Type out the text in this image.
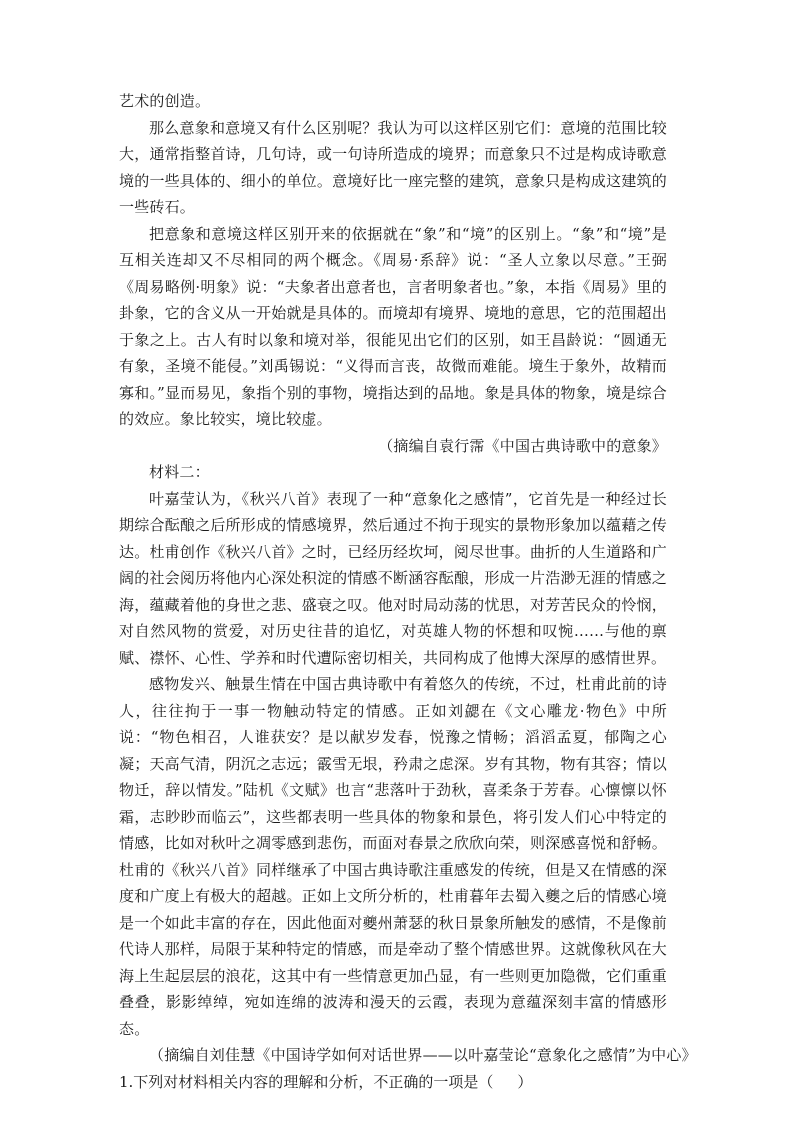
艺术的创造。

那么意象和意境又有什么区别呢？我认为可以这样区别它们：意境的范围比较大，通常指整首诗，几句诗，或一句诗所造成的境界；而意象只不过是构成诗歌意境的一些具体的、细小的单位。意境好比一座完整的建筑，意象只是构成这建筑的一些砖石。

把意象和意境这样区别开来的依据就在“象”和“境”的区别上。“象”和“境”是互相关连却又不尽相同的两个概念。《周易·系辞》说：“圣人立象以尽意。”王弼《周易略例·明象》说：“夫象者出意者也，言者明象者也。”象，本指《周易》里的卦象，它的含义从一开始就是具体的。而境却有境界、境地的意思，它的范围超出于象之上。古人有时以象和境对举，很能见出它们的区别，如王昌龄说：“圆通无有象，圣境不能侵。”刘禹锡说：“义得而言丧，故微而难能。境生于象外，故精而寡和。”显而易见，象指个别的事物，境指达到的品地。象是具体的物象，境是综合的效应。象比较实，境比较虚。

（摘编自袁行霈《中国古典诗歌中的意象》

材料二：

叶嘉莹认为，《秋兴八首》表现了一种“意象化之感情”，它首先是一种经过长期综合酝酿之后所形成的情感境界，然后通过不拘于现实的景物形象加以蕴藉之传达。杜甫创作《秋兴八首》之时，已经历经坎坷，阅尽世事。曲折的人生道路和广阔的社会阅历将他内心深处积淀的情感不断涵容酝酿，形成一片浩渺无涯的情感之海，蕴藏着他的身世之悲、盛衰之叹。他对时局动荡的忧思，对芳苦民众的怜悯，对自然风物的赏爱，对历史往昔的追忆，对英雄人物的怀想和叹惋……与他的禀赋、襟怀、心性、学养和时代遭际密切相关，共同构成了他博大深厚的感情世界。

感物发兴、触景生情在中国古典诗歌中有着悠久的传统，不过，杜甫此前的诗人，往往拘于一事一物触动特定的情感。正如刘勰在《文心雕龙·物色》中所说：“物色相召，人谁获安？是以献岁发春，悦豫之情畅；滔滔孟夏，郁陶之心凝；天高气清，阴沉之志远；霰雪无垠，矜肃之虑深。岁有其物，物有其容；情以物迁，辞以情发。”陆机《文赋》也言“悲落叶于劲秋，喜柔条于芳春。心懔懔以怀霜，志眇眇而临云”，这些都表明一些具体的物象和景色，将引发人们心中特定的情感，比如对秋叶之凋零感到悲伤，而面对春景之欣欣向荣，则深感喜悦和舒畅。杜甫的《秋兴八首》同样继承了中国古典诗歌注重感发的传统，但是又在情感的深度和广度上有极大的超越。正如上文所分析的，杜甫暮年去蜀入夔之后的情感心境是一个如此丰富的存在，因此他面对夔州萧瑟的秋日景象所触发的感情，不是像前代诗人那样，局限于某种特定的情感，而是牵动了整个情感世界。这就像秋风在大海上生起层层的浪花，这其中有一些情意更加凸显，有一些则更加隐微，它们重重叠叠，影影绰绰，宛如连绵的波涛和漫天的云霞，表现为意蕴深刻丰富的情感形态。

（摘编自刘佳慧《中国诗学如何对话世界——以叶嘉莹论“意象化之感情”为中心》

1.下列对材料相关内容的理解和分析，不正确的一项是（ ）
